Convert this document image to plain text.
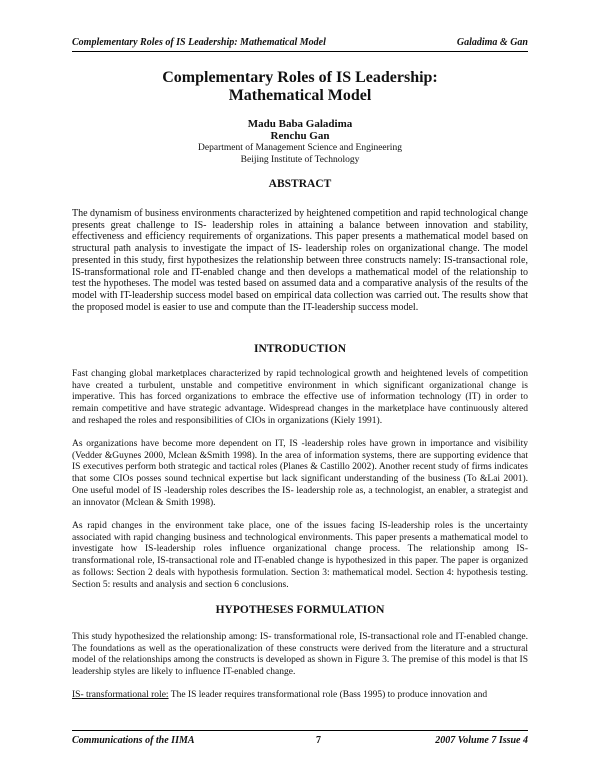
Complementary Roles of IS Leadership: Mathematical Model	Galadima & Gan
Complementary Roles of IS Leadership:
Mathematical Model
Madu Baba Galadima
Renchu Gan
Department of Management Science and Engineering
Beijing Institute of Technology
ABSTRACT

The dynamism of business environments characterized by heightened competition and rapid technological change presents great challenge to IS- leadership roles in attaining a balance between innovation and stability, effectiveness and efficiency requirements of organizations. This paper presents a mathematical model based on structural path analysis to investigate the impact of IS- leadership roles on organizational change. The model presented in this study, first hypothesizes the relationship between three constructs namely: IS-transactional role, IS-transformational role and IT-enabled change and then develops a mathematical model of the relationship to test the hypotheses. The model was tested based on assumed data and a comparative analysis of the results of the model with IT-leadership success model based on empirical data collection was carried out. The results show that the proposed model is easier to use and compute than the IT-leadership success model.

INTRODUCTION

Fast changing global marketplaces characterized by rapid technological growth and heightened levels of competition have created a turbulent, unstable and competitive environment in which significant organizational change is imperative. This has forced organizations to embrace the effective use of information technology (IT) in order to remain competitive and have strategic advantage. Widespread changes in the marketplace have continuously altered and reshaped the roles and responsibilities of CIOs in organizations (Kiely 1991).

As organizations have become more dependent on IT, IS -leadership roles have grown in importance and visibility (Vedder &Guynes 2000, Mclean &Smith 1998). In the area of information systems, there are supporting evidence that IS executives perform both strategic and tactical roles (Planes & Castillo 2002). Another recent study of firms indicates that some CIOs posses sound technical expertise but lack significant understanding of the business (To &Lai 2001). One useful model of IS -leadership roles describes the IS- leadership role as, a technologist, an enabler, a strategist and an innovator (Mclean & Smith 1998).

As rapid changes in the environment take place, one of the issues facing IS-leadership roles is the uncertainty associated with rapid changing business and technological environments. This paper presents a mathematical model to investigate how IS-leadership roles influence organizational change process. The relationship among IS-transformational role, IS-transactional role and IT-enabled change is hypothesized in this paper. The paper is organized as follows: Section 2 deals with hypothesis formulation. Section 3: mathematical model. Section 4: hypothesis testing. Section 5: results and analysis and section 6 conclusions.

HYPOTHESES FORMULATION

This study hypothesized the relationship among: IS- transformational role, IS-transactional role and IT-enabled change. The foundations as well as the operationalization of these constructs were derived from the literature and a structural model of the relationships among the constructs is developed as shown in Figure 3. The premise of this model is that IS leadership styles are likely to influence IT-enabled change.

IS- transformational role: The IS leader requires transformational role (Bass 1995) to produce innovation and

Communications of the IIMA	7	2007 Volume 7 Issue 4
